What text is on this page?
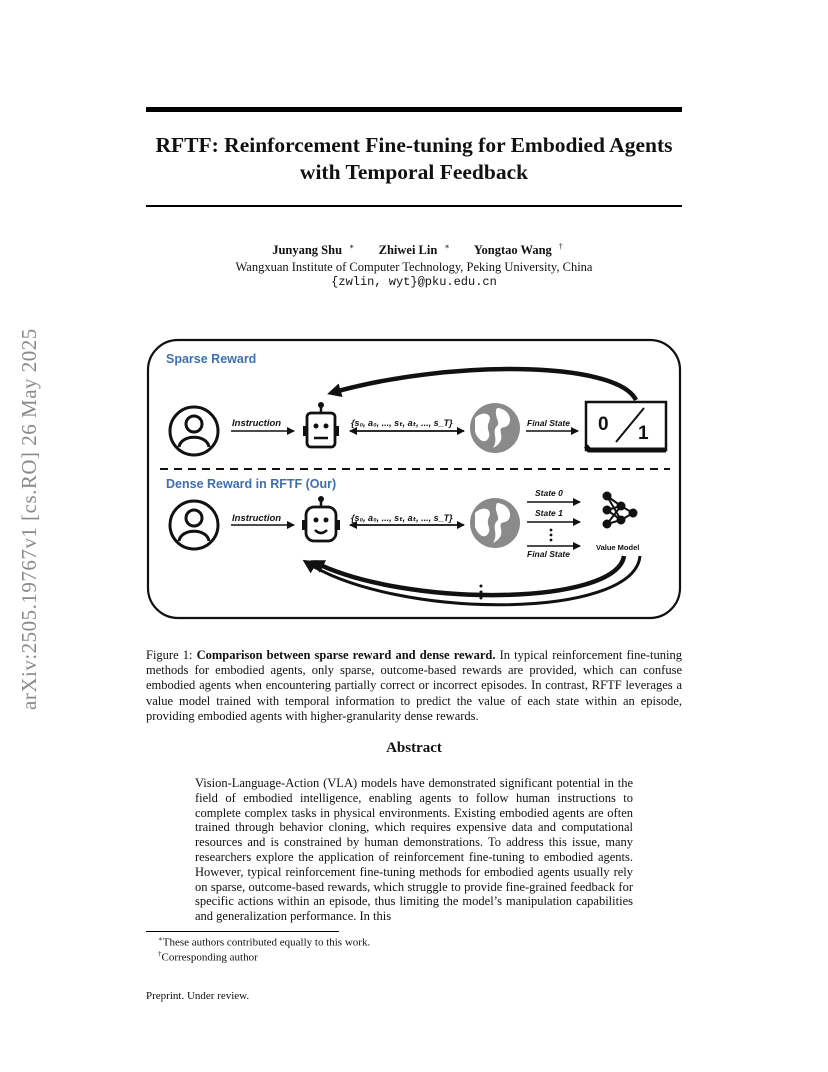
arXiv:2505.19767v1 [cs.RO] 26 May 2025
RFTF: Reinforcement Fine-tuning for Embodied Agents with Temporal Feedback
Junyang Shu ∗ Zhiwei Lin ∗ Yongtao Wang †
Wangxuan Institute of Computer Technology, Peking University, China
{zwlin, wyt}@pku.edu.cn
Sparse Reward
Instruction	{s₀, a₀, ..., sₜ, aₜ, ..., s_T}	Final State 0 1
Dense Reward in RFTF (Our)
Instruction	{s₀, a₀, ..., sₜ, aₜ, ..., s_T}
State 0
State 1
Final State
Value Model
Figure 1: Comparison between sparse reward and dense reward. In typical reinforcement fine-tuning methods for embodied agents, only sparse, outcome-based rewards are provided, which can confuse embodied agents when encountering partially correct or incorrect episodes. In contrast, RFTF leverages a value model trained with temporal information to predict the value of each state within an episode, providing embodied agents with higher-granularity dense rewards.
Abstract
Vision-Language-Action (VLA) models have demonstrated significant potential in the field of embodied intelligence, enabling agents to follow human instructions to complete complex tasks in physical environments. Existing embodied agents are often trained through behavior cloning, which requires expensive data and computational resources and is constrained by human demonstrations. To address this issue, many researchers explore the application of reinforcement fine-tuning to embodied agents. However, typical reinforcement fine-tuning methods for embodied agents usually rely on sparse, outcome-based rewards, which struggle to provide fine-grained feedback for specific actions within an episode, thus limiting the model’s manipulation capabilities and generalization performance. In this
∗These authors contributed equally to this work.
†Corresponding author
Preprint. Under review.
